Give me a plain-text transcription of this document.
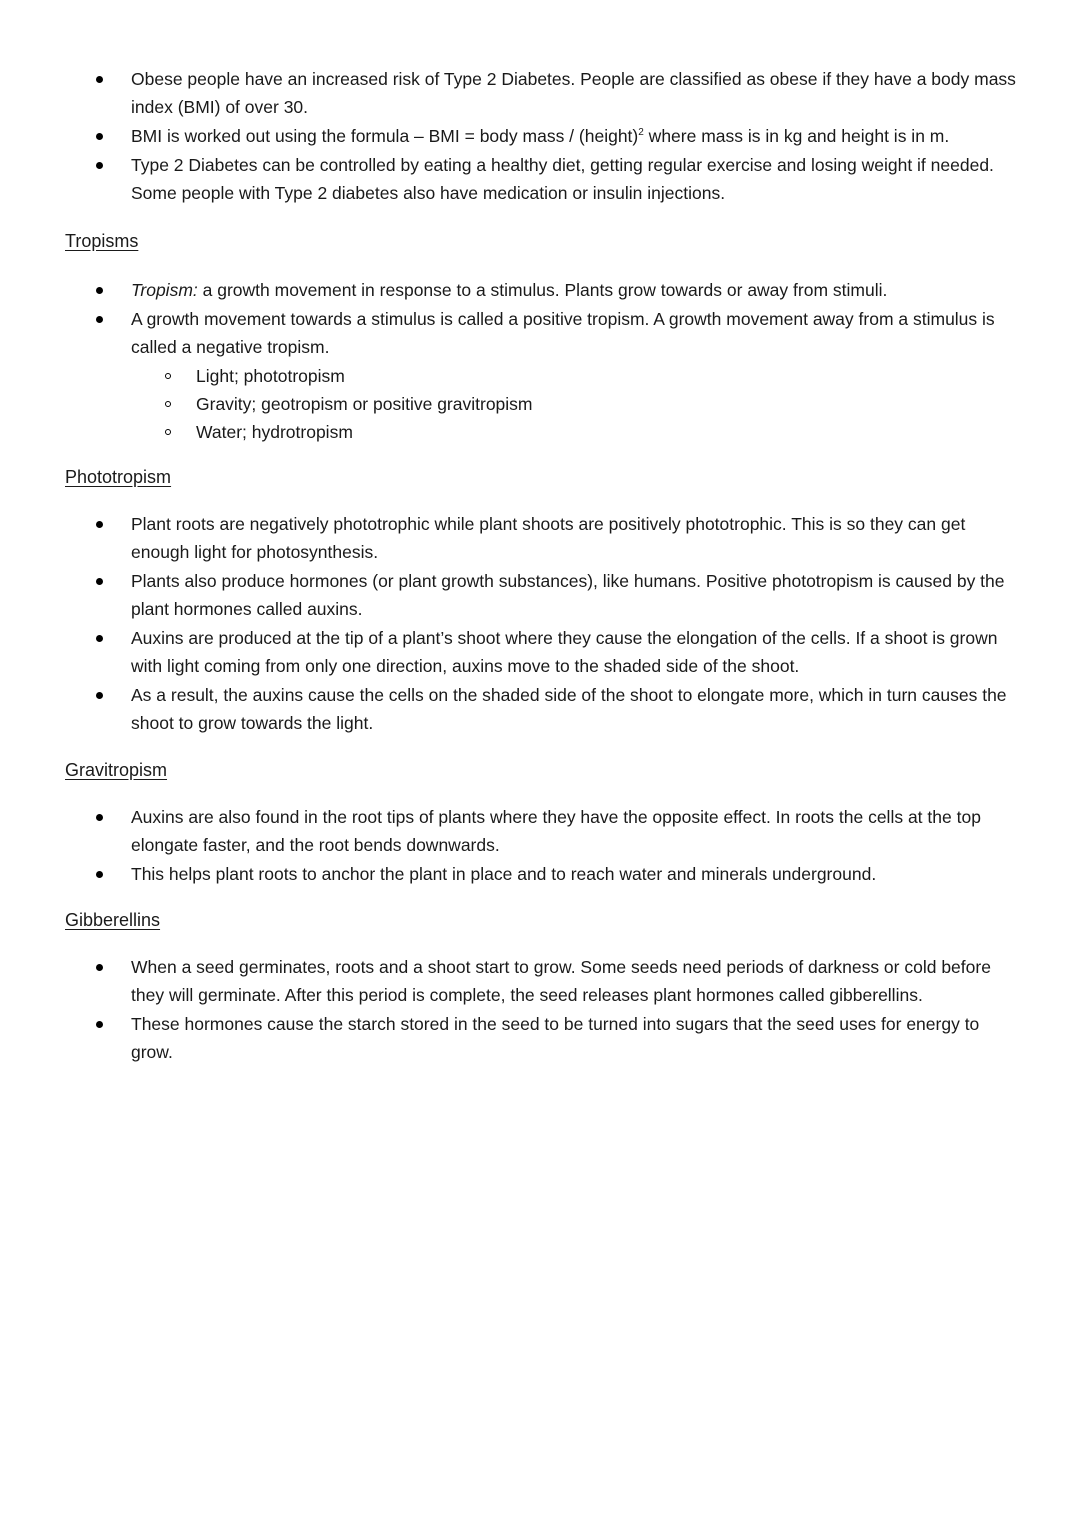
Obese people have an increased risk of Type 2 Diabetes. People are classified as obese if they have a body mass index (BMI) of over 30.
BMI is worked out using the formula – BMI = body mass / (height)$^2$ where mass is in kg and height is in m.
Type 2 Diabetes can be controlled by eating a healthy diet, getting regular exercise and losing weight if needed. Some people with Type 2 diabetes also have medication or insulin injections.
Tropisms
Tropism: a growth movement in response to a stimulus. Plants grow towards or away from stimuli.
A growth movement towards a stimulus is called a positive tropism. A growth movement away from a stimulus is called a negative tropism.
Light; phototropism
Gravity; geotropism or positive gravitropism
Water; hydrotropism
Phototropism
Plant roots are negatively phototrophic while plant shoots are positively phototrophic. This is so they can get enough light for photosynthesis.
Plants also produce hormones (or plant growth substances), like humans. Positive phototropism is caused by the plant hormones called auxins.
Auxins are produced at the tip of a plant’s shoot where they cause the elongation of the cells. If a shoot is grown with light coming from only one direction, auxins move to the shaded side of the shoot.
As a result, the auxins cause the cells on the shaded side of the shoot to elongate more, which in turn causes the shoot to grow towards the light.
Gravitropism
Auxins are also found in the root tips of plants where they have the opposite effect. In roots the cells at the top elongate faster, and the root bends downwards.
This helps plant roots to anchor the plant in place and to reach water and minerals underground.
Gibberellins
When a seed germinates, roots and a shoot start to grow. Some seeds need periods of darkness or cold before they will germinate. After this period is complete, the seed releases plant hormones called gibberellins.
These hormones cause the starch stored in the seed to be turned into sugars that the seed uses for energy to grow.
